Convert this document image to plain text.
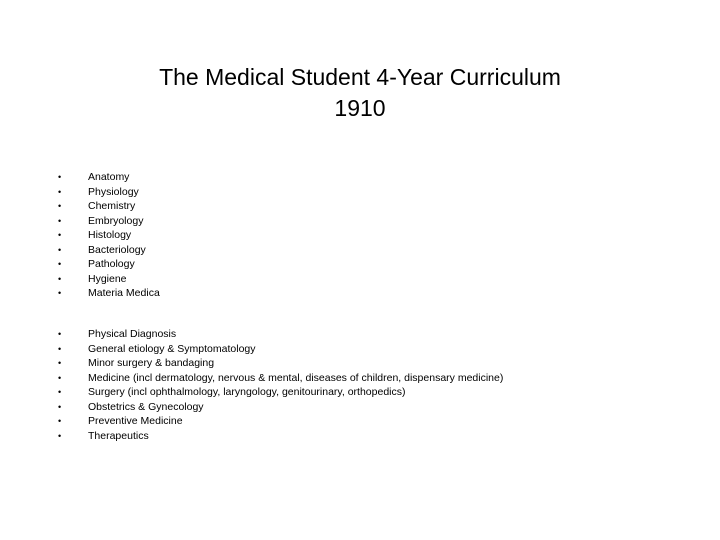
The Medical Student 4-Year Curriculum
1910
•	Anatomy
•	Physiology
•	Chemistry
•	Embryology
•	Histology
•	Bacteriology
•	Pathology
•	Hygiene
•	Materia Medica
•	Physical Diagnosis
•	General etiology & Symptomatology
•	Minor surgery & bandaging
•	Medicine (incl dermatology, nervous & mental, diseases of children, dispensary medicine)
•	Surgery (incl ophthalmology, laryngology, genitourinary, orthopedics)
•	Obstetrics & Gynecology
•	Preventive Medicine
•	Therapeutics
